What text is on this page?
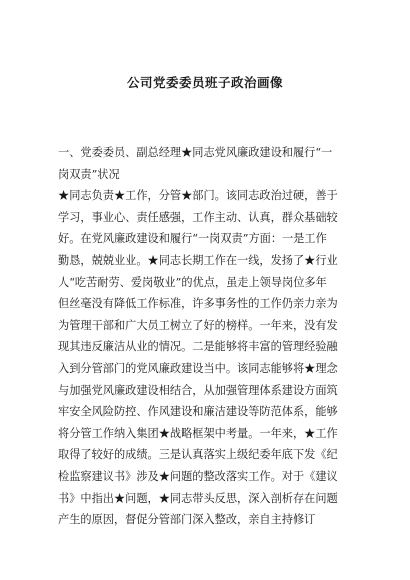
公司党委委员班子政治画像
一、党委委员、副总经理★同志党风廉政建设和履行“一
岗双责”状况
★同志负责★工作，分管★部门。该同志政治过硬，善于
学习，事业心、责任感强，工作主动、认真，群众基础较
好。在党风廉政建设和履行“一岗双责”方面：一是工作
勤恳，兢兢业业。★同志长期工作在一线，发扬了★行业
人“吃苦耐劳、爱岗敬业”的优点，虽走上领导岗位多年
但丝毫没有降低工作标准，许多事务性的工作仍亲力亲为
为管理干部和广大员工树立了好的榜样。一年来，没有发
现其违反廉洁从业的情况。二是能够将丰富的管理经验融
入到分管部门的党风廉政建设当中。该同志能够将★理念
与加强党风廉政建设相结合，从加强管理体系建设方面筑
牢安全风险防控、作风建设和廉洁建设等防范体系，能够
将分管工作纳入集团★战略框架中考量。一年来，★工作
取得了较好的成绩。三是认真落实上级纪委年底下发《纪
检监察建议书》涉及★问题的整改落实工作。对于《建议
书》中指出★问题，★同志带头反思，深入剖析存在问题
产生的原因，督促分管部门深入整改，亲自主持修订
